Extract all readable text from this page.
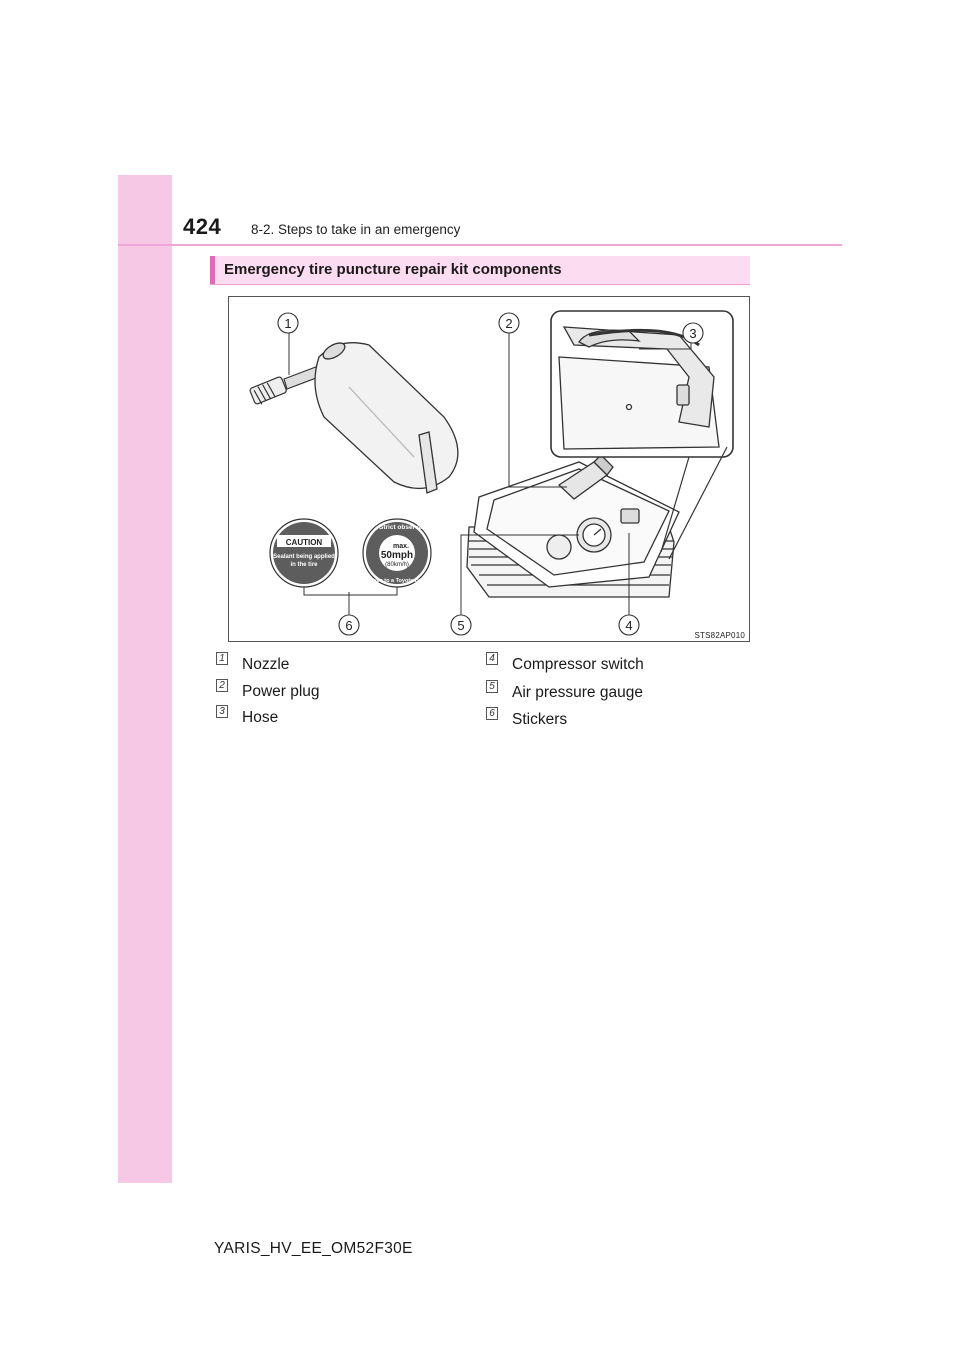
424 8-2. Steps to take in an emergency
Emergency tire puncture repair kit components
CAUTION
Sealant being applied
in the tire
Strict observance
max.
50mph
(80km/h)
Drive to a Toyota Dealer
1	2
3
4
5
6
STS82AP010
1 Nozzle
2 Power plug
3 Hose
4 Compressor switch
5 Air pressure gauge
6 Stickers
YARIS_HV_EE_OM52F30E
